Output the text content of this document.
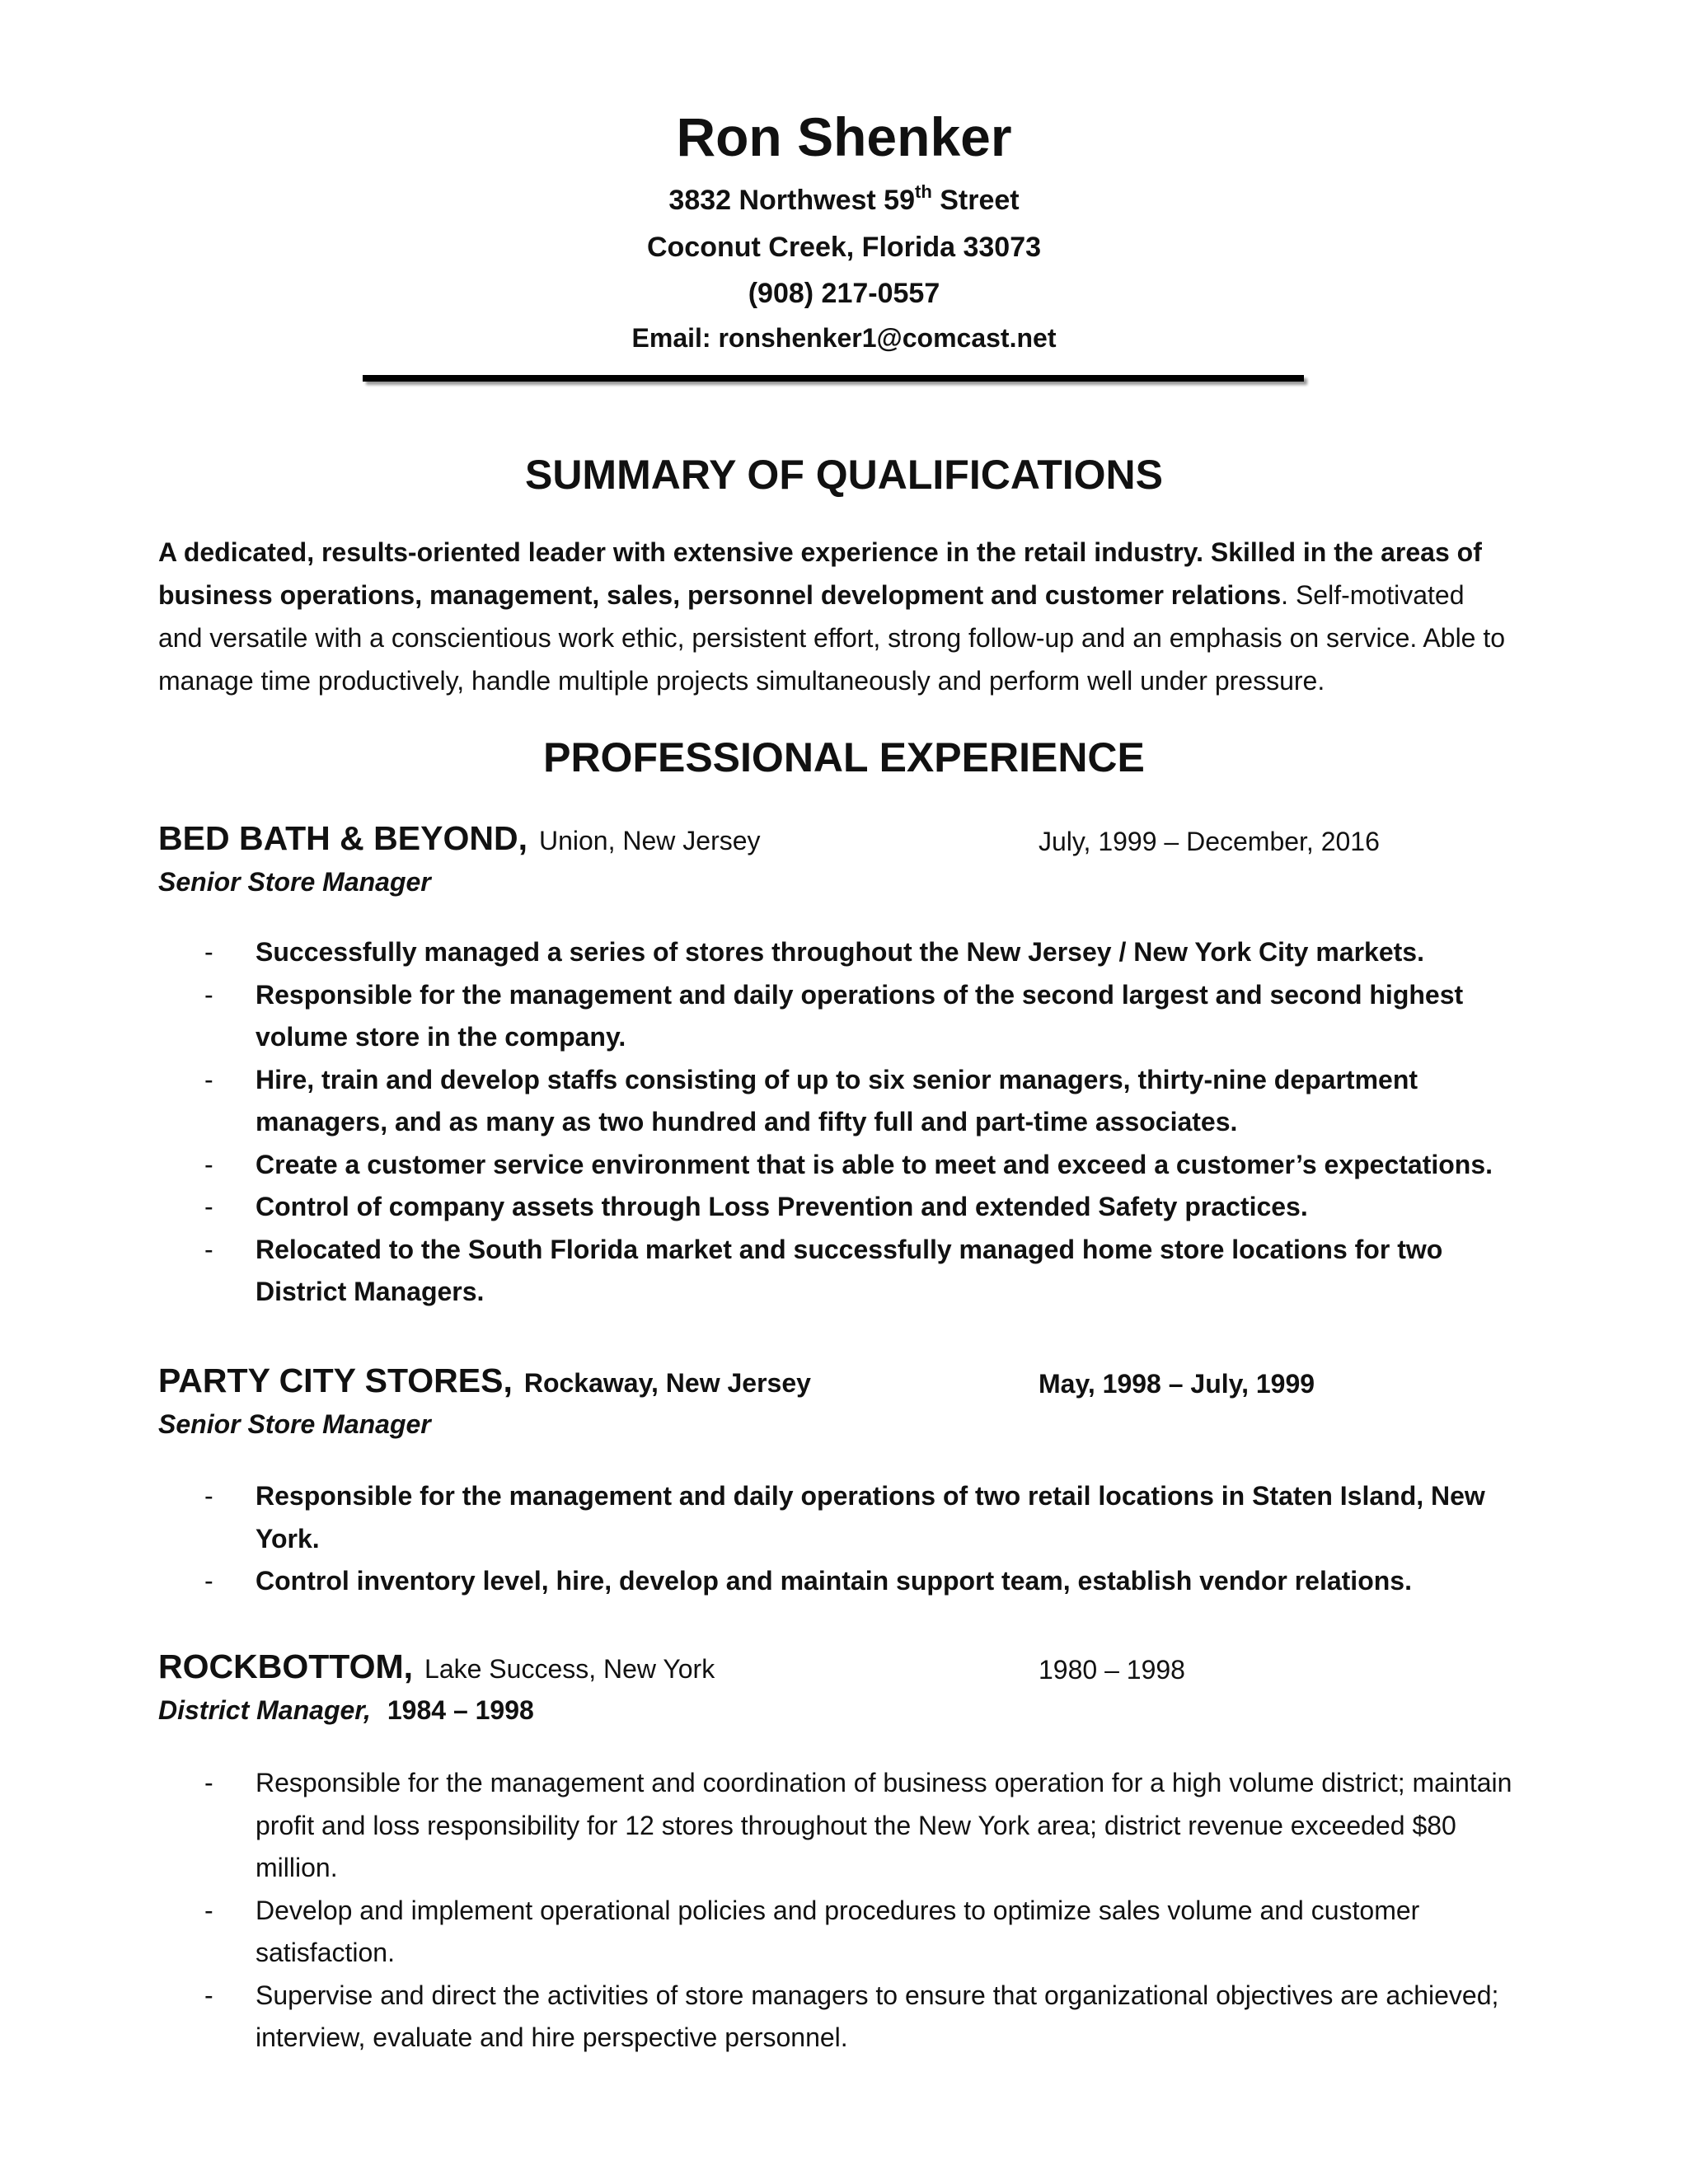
Ron Shenker
3832 Northwest 59th Street
Coconut Creek, Florida 33073
(908) 217-0557
Email: ronshenker1@comcast.net
SUMMARY OF QUALIFICATIONS
A dedicated, results-oriented leader with extensive experience in the retail industry. Skilled in the areas of business operations, management, sales, personnel development and customer relations. Self-motivated and versatile with a conscientious work ethic, persistent effort, strong follow-up and an emphasis on service. Able to manage time productively, handle multiple projects simultaneously and perform well under pressure.
PROFESSIONAL EXPERIENCE
BED BATH & BEYOND, Union, New Jersey	July, 1999 – December, 2016
Senior Store Manager
- Successfully managed a series of stores throughout the New Jersey / New York City markets.
- Responsible for the management and daily operations of the second largest and second highest volume store in the company.
- Hire, train and develop staffs consisting of up to six senior managers, thirty-nine department managers, and as many as two hundred and fifty full and part-time associates.
- Create a customer service environment that is able to meet and exceed a customer’s expectations.
- Control of company assets through Loss Prevention and extended Safety practices.
- Relocated to the South Florida market and successfully managed home store locations for two District Managers.
PARTY CITY STORES, Rockaway, New Jersey	May, 1998 – July, 1999
Senior Store Manager
- Responsible for the management and daily operations of two retail locations in Staten Island, New York.
- Control inventory level, hire, develop and maintain support team, establish vendor relations.
ROCKBOTTOM, Lake Success, New York	1980 – 1998
District Manager, 1984 – 1998
- Responsible for the management and coordination of business operation for a high volume district; maintain profit and loss responsibility for 12 stores throughout the New York area; district revenue exceeded $80 million.
- Develop and implement operational policies and procedures to optimize sales volume and customer satisfaction.
- Supervise and direct the activities of store managers to ensure that organizational objectives are achieved; interview, evaluate and hire perspective personnel.
